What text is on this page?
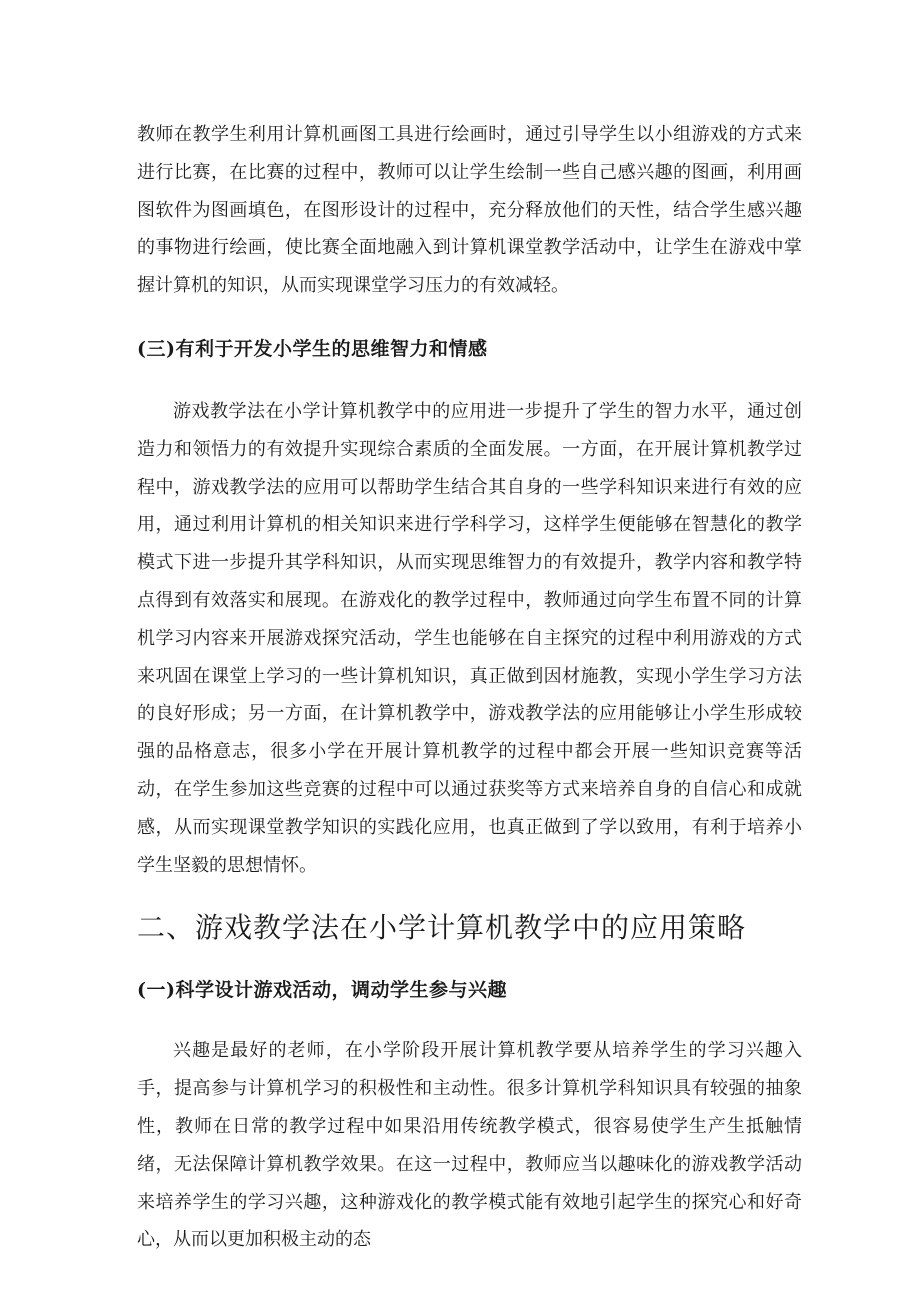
教师在教学生利用计算机画图工具进行绘画时，通过引导学生以小组游戏的方式来进行比赛，在比赛的过程中，教师可以让学生绘制一些自己感兴趣的图画，利用画图软件为图画填色，在图形设计的过程中，充分释放他们的天性，结合学生感兴趣的事物进行绘画，使比赛全面地融入到计算机课堂教学活动中，让学生在游戏中掌握计算机的知识，从而实现课堂学习压力的有效减轻。

(三)有利于开发小学生的思维智力和情感

游戏教学法在小学计算机教学中的应用进一步提升了学生的智力水平，通过创造力和领悟力的有效提升实现综合素质的全面发展。一方面，在开展计算机教学过程中，游戏教学法的应用可以帮助学生结合其自身的一些学科知识来进行有效的应用，通过利用计算机的相关知识来进行学科学习，这样学生便能够在智慧化的教学模式下进一步提升其学科知识，从而实现思维智力的有效提升，教学内容和教学特点得到有效落实和展现。在游戏化的教学过程中，教师通过向学生布置不同的计算机学习内容来开展游戏探究活动，学生也能够在自主探究的过程中利用游戏的方式来巩固在课堂上学习的一些计算机知识，真正做到因材施教，实现小学生学习方法的良好形成；另一方面，在计算机教学中，游戏教学法的应用能够让小学生形成较强的品格意志，很多小学在开展计算机教学的过程中都会开展一些知识竞赛等活动，在学生参加这些竞赛的过程中可以通过获奖等方式来培养自身的自信心和成就感，从而实现课堂教学知识的实践化应用，也真正做到了学以致用，有利于培养小学生坚毅的思想情怀。

二、游戏教学法在小学计算机教学中的应用策略
(一)科学设计游戏活动，调动学生参与兴趣

兴趣是最好的老师，在小学阶段开展计算机教学要从培养学生的学习兴趣入手，提高参与计算机学习的积极性和主动性。很多计算机学科知识具有较强的抽象性，教师在日常的教学过程中如果沿用传统教学模式，很容易使学生产生抵触情绪，无法保障计算机教学效果。在这一过程中，教师应当以趣味化的游戏教学活动来培养学生的学习兴趣，这种游戏化的教学模式能有效地引起学生的探究心和好奇心，从而以更加积极主动的态
